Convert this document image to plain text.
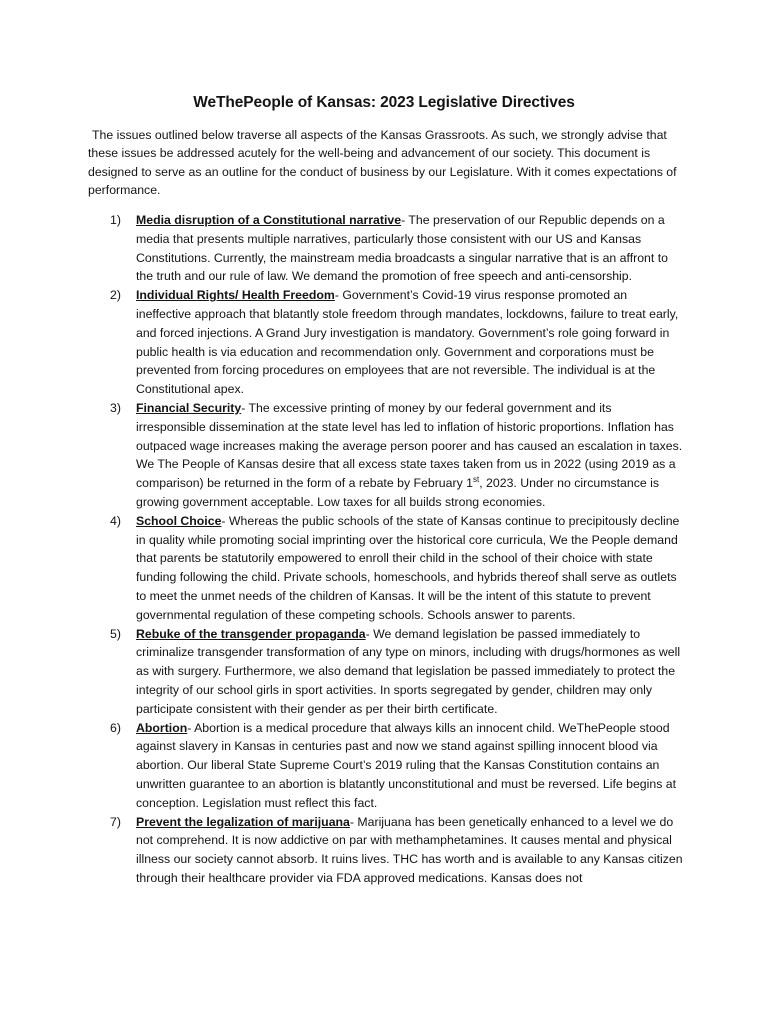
WeThePeople of Kansas: 2023 Legislative Directives

The issues outlined below traverse all aspects of the Kansas Grassroots. As such, we strongly advise that these issues be addressed acutely for the well-being and advancement of our society. This document is designed to serve as an outline for the conduct of business by our Legislature. With it comes expectations of performance.

1) Media disruption of a Constitutional narrative- The preservation of our Republic depends on a media that presents multiple narratives, particularly those consistent with our US and Kansas Constitutions. Currently, the mainstream media broadcasts a singular narrative that is an affront to the truth and our rule of law. We demand the promotion of free speech and anti-censorship.
2) Individual Rights/ Health Freedom- Government’s Covid-19 virus response promoted an ineffective approach that blatantly stole freedom through mandates, lockdowns, failure to treat early, and forced injections. A Grand Jury investigation is mandatory. Government’s role going forward in public health is via education and recommendation only. Government and corporations must be prevented from forcing procedures on employees that are not reversible. The individual is at the Constitutional apex.
3) Financial Security- The excessive printing of money by our federal government and its irresponsible dissemination at the state level has led to inflation of historic proportions. Inflation has outpaced wage increases making the average person poorer and has caused an escalation in taxes. We The People of Kansas desire that all excess state taxes taken from us in 2022 (using 2019 as a comparison) be returned in the form of a rebate by February 1st, 2023. Under no circumstance is growing government acceptable. Low taxes for all builds strong economies.
4) School Choice- Whereas the public schools of the state of Kansas continue to precipitously decline in quality while promoting social imprinting over the historical core curricula, We the People demand that parents be statutorily empowered to enroll their child in the school of their choice with state funding following the child. Private schools, homeschools, and hybrids thereof shall serve as outlets to meet the unmet needs of the children of Kansas. It will be the intent of this statute to prevent governmental regulation of these competing schools. Schools answer to parents.
5) Rebuke of the transgender propaganda- We demand legislation be passed immediately to criminalize transgender transformation of any type on minors, including with drugs/hormones as well as with surgery. Furthermore, we also demand that legislation be passed immediately to protect the integrity of our school girls in sport activities. In sports segregated by gender, children may only participate consistent with their gender as per their birth certificate.
6) Abortion- Abortion is a medical procedure that always kills an innocent child. WeThePeople stood against slavery in Kansas in centuries past and now we stand against spilling innocent blood via abortion. Our liberal State Supreme Court’s 2019 ruling that the Kansas Constitution contains an unwritten guarantee to an abortion is blatantly unconstitutional and must be reversed. Life begins at conception. Legislation must reflect this fact.
7) Prevent the legalization of marijuana- Marijuana has been genetically enhanced to a level we do not comprehend. It is now addictive on par with methamphetamines. It causes mental and physical illness our society cannot absorb. It ruins lives. THC has worth and is available to any Kansas citizen through their healthcare provider via FDA approved medications. Kansas does not
